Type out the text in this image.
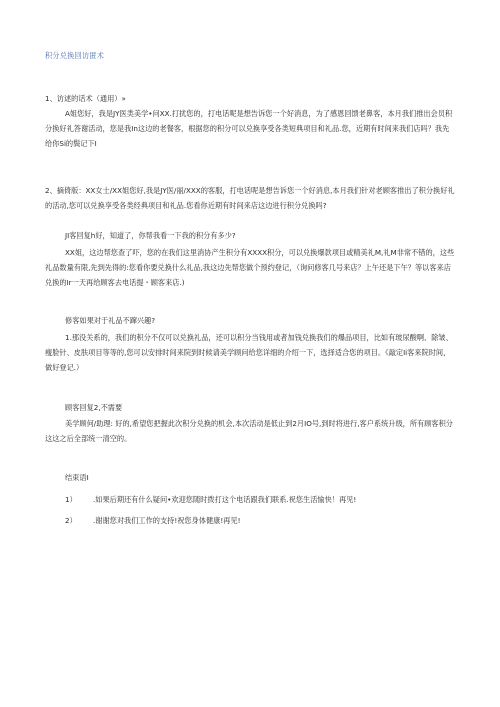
积分兑换回访匿术

1、访逑的话术（通用）»

A姐您好，我是JY医类美学•问XX.打扰您的，打电话呢是想告诉您一个好消息，为了感恩回馈老鼻客，本月我们推出会员积分换好礼答谢活动，您是我In这边的老餐客，根据您的积分可以兑换享受各类短典项目和礼品.您，近期有时间来我们店吗？我先给你Si的鬓记下I

2、摘倚版：XX女士/XX姐您好,我是JY医/丽/XXX的客服，打电话呢是想告诉您一个好消息,本月我们针对老顾客推出了积分换好礼的活动,您可以兑换享受各类经典项目和礼品.您看你近期有时间来店这边进行积分兑换吗?

JI客回复h好，知道了，你帮我看一下我的积分有多少?

XX姐，这边帮您查了吓，您的在我们这里消协产生积分有XXXX积分，可以兑换爆款项目或精美礼M,礼M非常不错的，这些礼品数量有限,先到先得的:您看你要兑换什么礼品,我这边先帮您做个预约登记，（询问修客几号来店？上午还是下午？等以客来店兑换的Ir一天再给顾客去电话提・顾客来店.)

修客如果对于礼品不蹿兴趣?

1.那没关系的，我们的积分不仅可以兑换礼品，还可以积分当钱用或者加钱兑换我们的爆品项目，比如有玻尿酸啊、除皱、瘦脸针、皮肤项目等等的,您可以安排时间来院到时候请美学顾问给您详细的介绍一下，选择适合您的项目。《敲定Ii客来院时间，做好登记.）

顾客回复2,不需要

美学顾何/助理: 好的,希望您把握此次积分兑换的机会,本次活动是低止到2月IO号,到时将进行,客户系统升级，所有顾客积分这这之后全部统一清空的。

结束语I

1） .如果后期还有什么疑问•欢迎您随时拨打这个电话跟我们联系.祝您生活愉快！再见!
2） .谢谢您对我们工作的支持!祝您身体健康!再见!
